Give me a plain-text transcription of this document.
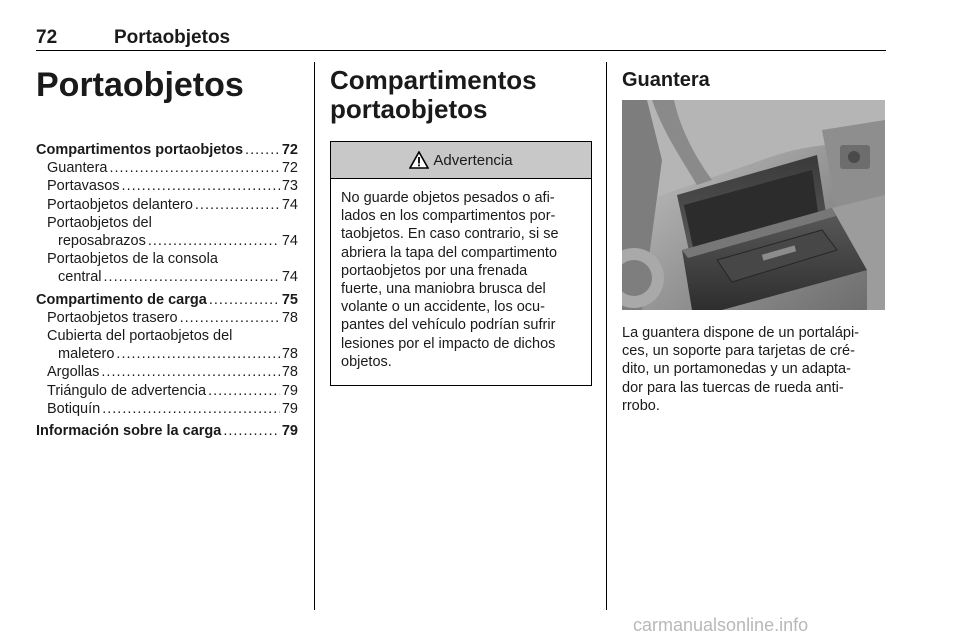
72	Portaobjetos
Portaobjetos
Compartimentos portaobjetos .....	72
Guantera .....	72
Portavasos .....	73
Portaobjetos delantero .....	74
Portaobjetos del
reposabrazos .....	74
Portaobjetos de la consola
central .....	74
Compartimento de carga .....	75
Portaobjetos trasero .....	78
Cubierta del portaobjetos del
maletero .....	78
Argollas .....	78
Triángulo de advertencia .....	79
Botiquín .....	79
Información sobre la carga .....	79
Compartimentos
portaobjetos
Advertencia
No guarde objetos pesados o afi-
lados en los compartimentos por-
taobjetos. En caso contrario, si se
abriera la tapa del compartimento
portaobjetos por una frenada
fuerte, una maniobra brusca del
volante o un accidente, los ocu-
pantes del vehículo podrían sufrir
lesiones por el impacto de dichos
objetos.
Guantera
La guantera dispone de un portalápi-
ces, un soporte para tarjetas de cré-
dito, un portamonedas y un adapta-
dor para las tuercas de rueda anti-
rrobo.
carmanualsonline.info
